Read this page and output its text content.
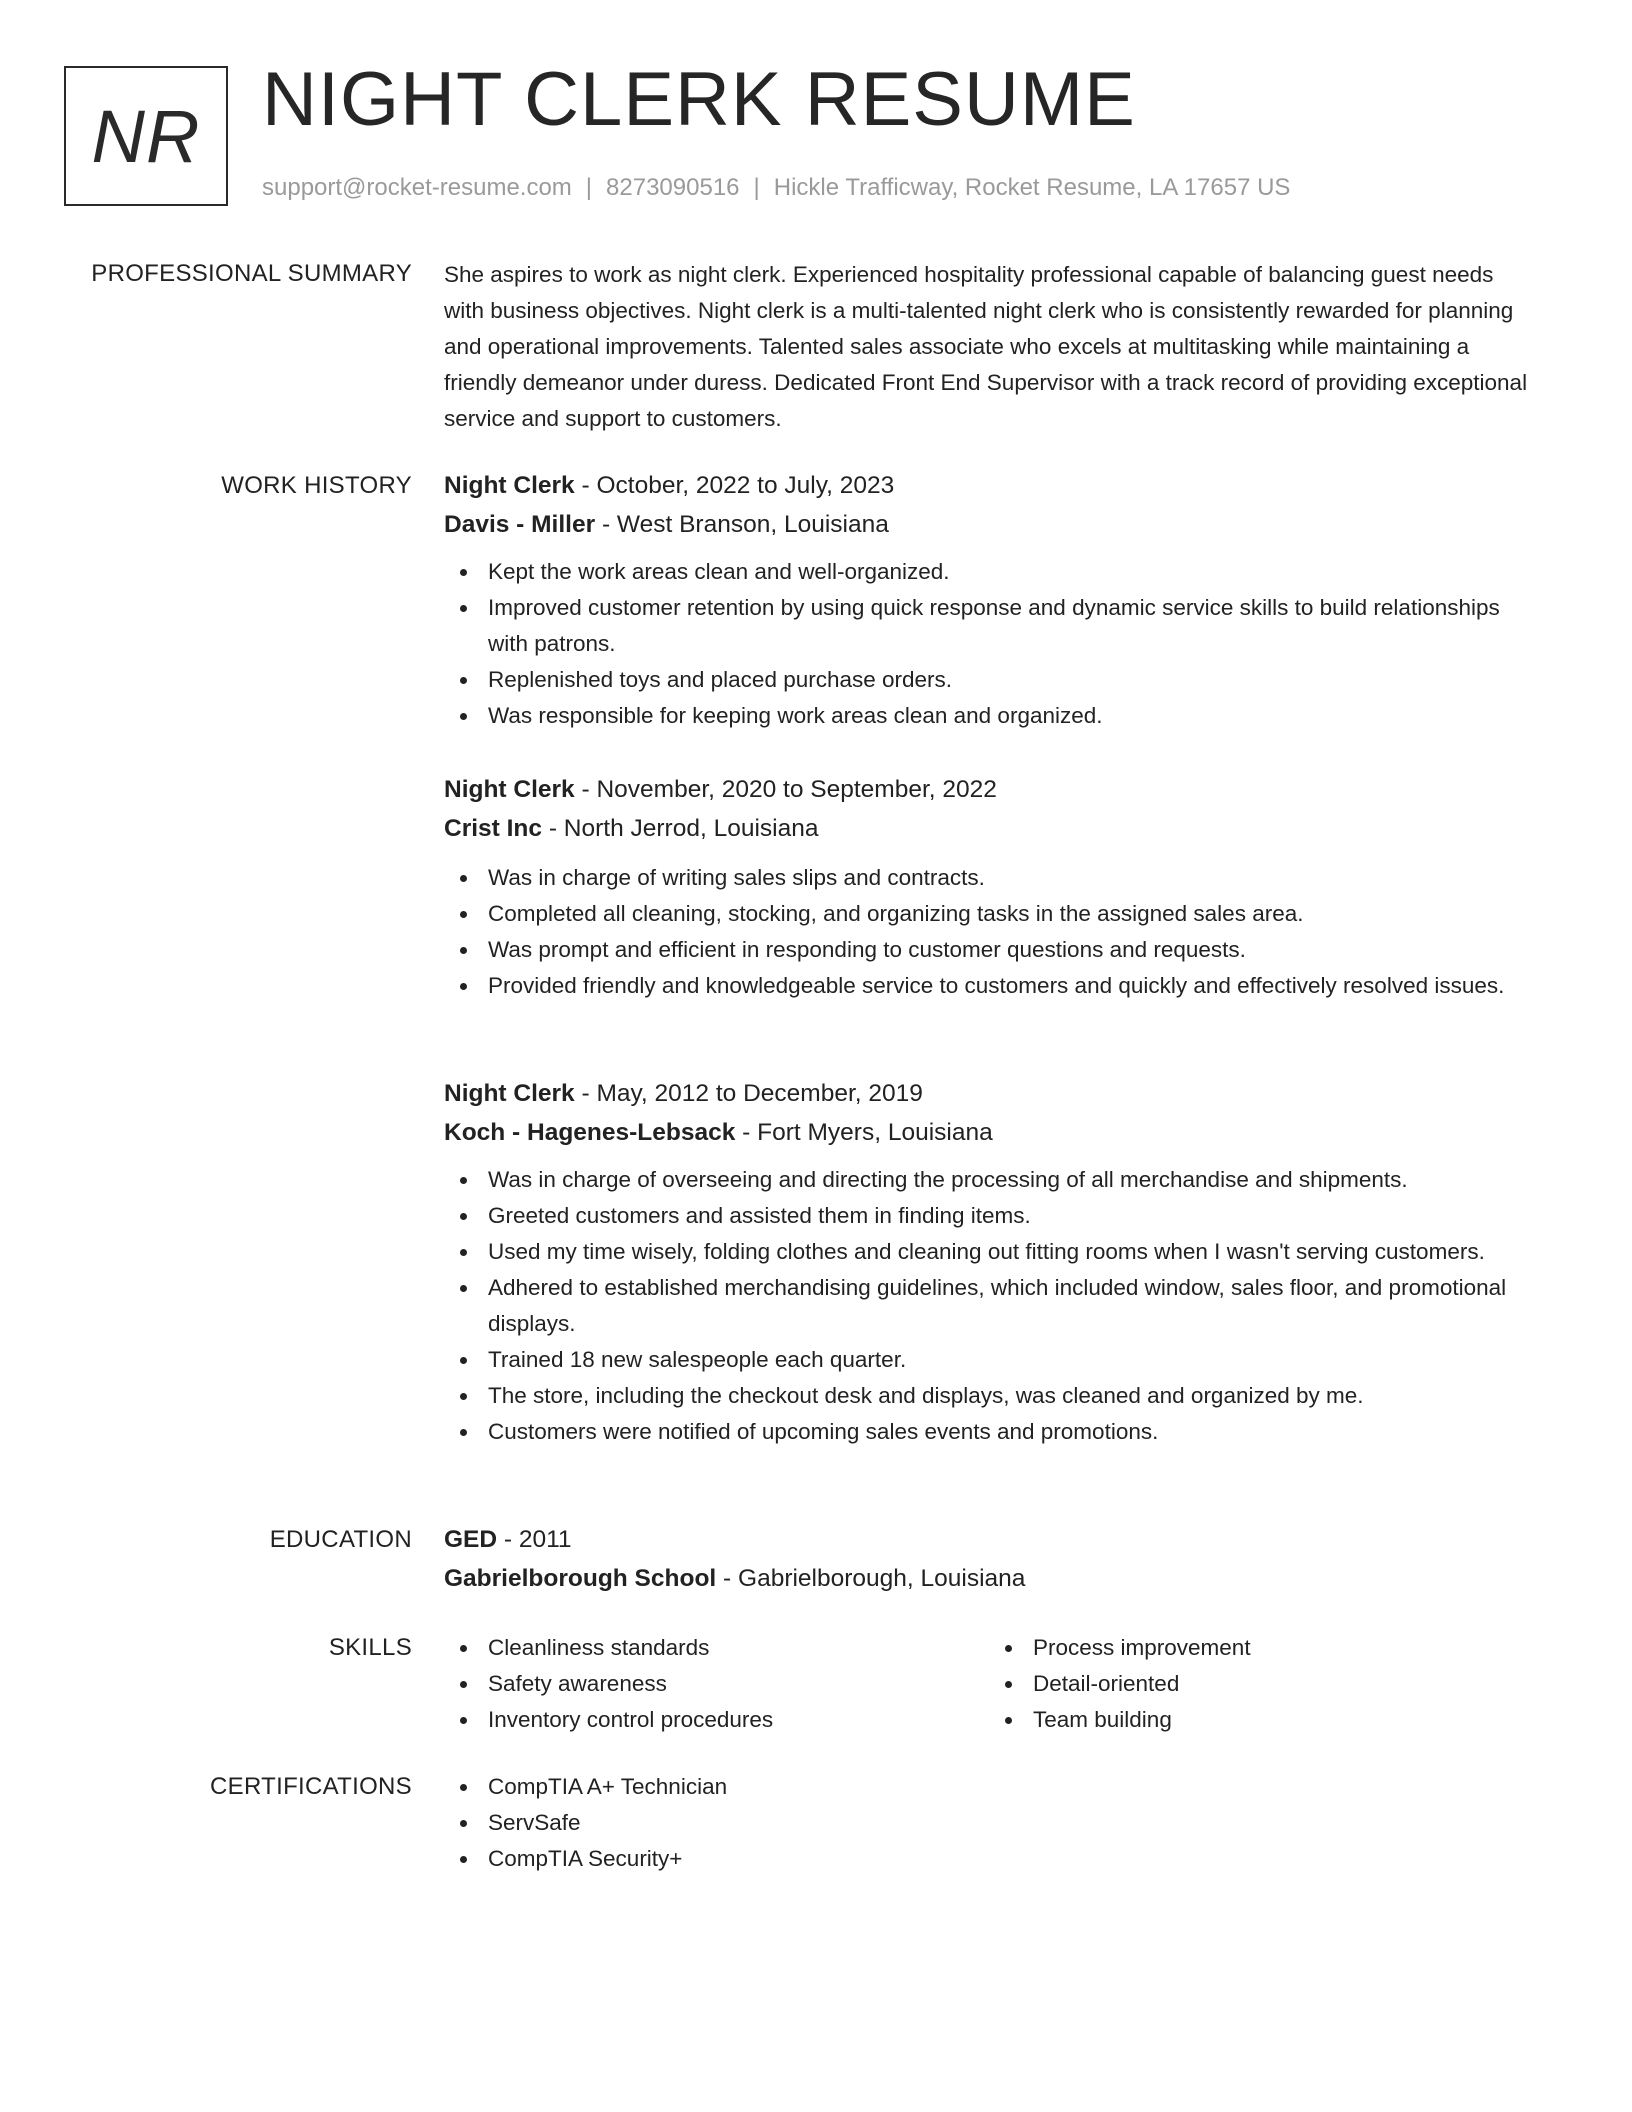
NR NIGHT CLERK RESUME
support@rocket-resume.com | 8273090516 | Hickle Trafficway, Rocket Resume, LA 17657 US
PROFESSIONAL SUMMARY She aspires to work as night clerk. Experienced hospitality professional capable of balancing guest needs with business objectives. Night clerk is a multi-talented night clerk who is consistently rewarded for planning and operational improvements. Talented sales associate who excels at multitasking while maintaining a friendly demeanor under duress. Dedicated Front End Supervisor with a track record of providing exceptional service and support to customers.

WORK HISTORY Night Clerk - October, 2022 to July, 2023
Davis - Miller - West Branson, Louisiana
Kept the work areas clean and well-organized.
Improved customer retention by using quick response and dynamic service skills to build relationships with patrons.
Replenished toys and placed purchase orders.
Was responsible for keeping work areas clean and organized.
Night Clerk - November, 2020 to September, 2022
Crist Inc - North Jerrod, Louisiana
Was in charge of writing sales slips and contracts.
Completed all cleaning, stocking, and organizing tasks in the assigned sales area.
Was prompt and efficient in responding to customer questions and requests.
Provided friendly and knowledgeable service to customers and quickly and effectively resolved issues.
Night Clerk - May, 2012 to December, 2019
Koch - Hagenes-Lebsack - Fort Myers, Louisiana
Was in charge of overseeing and directing the processing of all merchandise and shipments.
Greeted customers and assisted them in finding items.
Used my time wisely, folding clothes and cleaning out fitting rooms when I wasn't serving customers.
Adhered to established merchandising guidelines, which included window, sales floor, and promotional displays.
Trained 18 new salespeople each quarter.
The store, including the checkout desk and displays, was cleaned and organized by me.
Customers were notified of upcoming sales events and promotions.
EDUCATION GED - 2011
Gabrielborough School - Gabrielborough, Louisiana
SKILLS	Cleanliness standards
Safety awareness
Inventory control procedures
Process improvement
Detail-oriented
Team building
CERTIFICATIONS	CompTIA A+ Technician
ServSafe
CompTIA Security+
